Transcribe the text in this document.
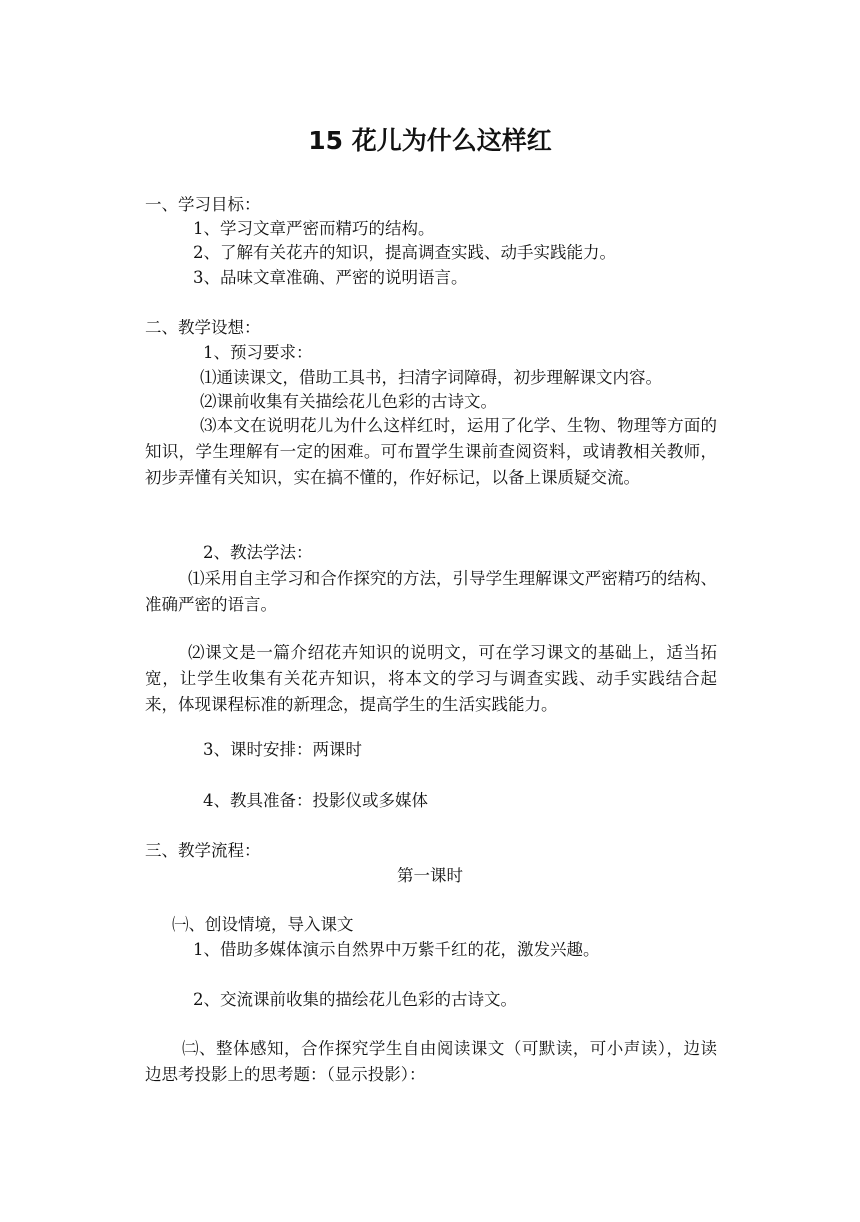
15 花儿为什么这样红
一、学习目标：
1、学习文章严密而精巧的结构。
2、了解有关花卉的知识，提高调查实践、动手实践能力。
3、品味文章准确、严密的说明语言。
二、教学设想：
1、预习要求：
⑴通读课文，借助工具书，扫清字词障碍，初步理解课文内容。
⑵课前收集有关描绘花儿色彩的古诗文。
⑶本文在说明花儿为什么这样红时，运用了化学、生物、物理等方面的知识，学生理解有一定的困难。可布置学生课前查阅资料，或请教相关教师，初步弄懂有关知识，实在搞不懂的，作好标记，以备上课质疑交流。
2、教法学法：
⑴采用自主学习和合作探究的方法，引导学生理解课文严密精巧的结构、准确严密的语言。
⑵课文是一篇介绍花卉知识的说明文，可在学习课文的基础上，适当拓宽，让学生收集有关花卉知识，将本文的学习与调查实践、动手实践结合起来，体现课程标准的新理念，提高学生的生活实践能力。
3、课时安排：两课时
4、教具准备：投影仪或多媒体
三、教学流程：
第一课时
㈠、创设情境，导入课文
1、借助多媒体演示自然界中万紫千红的花，激发兴趣。
2、交流课前收集的描绘花儿色彩的古诗文。
㈡、整体感知，合作探究学生自由阅读课文（可默读，可小声读），边读边思考投影上的思考题：（显示投影）：
